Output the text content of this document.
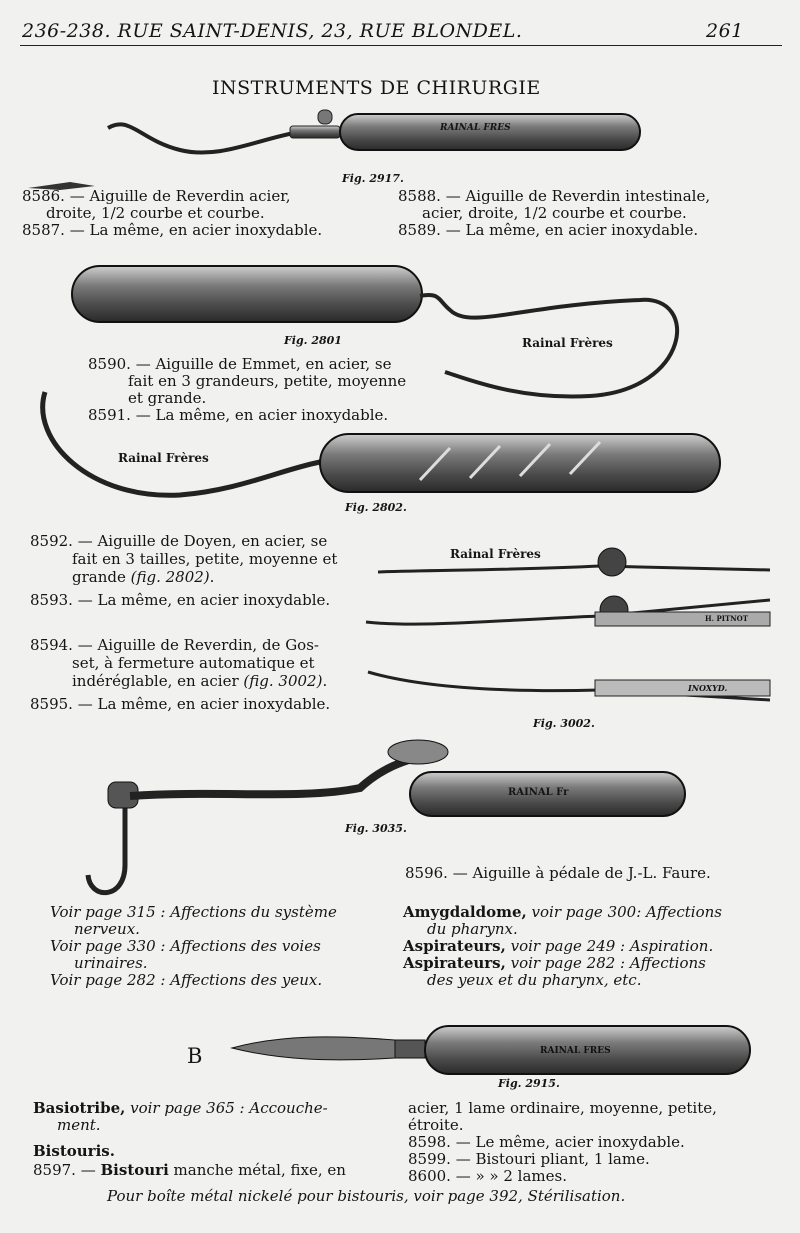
236-238. RUE SAINT-DENIS, 23, RUE BLONDEL.	261
INSTRUMENTS DE CHIRURGIE
Fig. 2917.
RAINAL FRES
Fig. 2801	Rainal Frères
Rainal Frères
Fig. 2802.
Rainal Frères
H. PITNOT
INOXYD.
Fig. 3002.
RAINAL Fr
Fig. 3035.
RAINAL FRES
Fig. 2915.
8586. — Aiguille de Reverdin acier,

droite, 1/2 courbe et courbe.
8587. — La même, en acier inoxydable.
8588. — Aiguille de Reverdin intestinale,

acier, droite, 1/2 courbe et courbe.
8589. — La même, en acier inoxydable.
8590. — Aiguille de Emmet, en acier, se

fait en 3 grandeurs, petite, moyenne
et grande.
8591. — La même, en acier inoxydable.
8592. — Aiguille de Doyen, en acier, se

fait en 3 tailles, petite, moyenne et
grande (fig. 2802).
8593. — La même, en acier inoxydable.
8594. — Aiguille de Reverdin, de Gos-

set, à fermeture automatique et
indéréglable, en acier (fig. 3002).
8595. — La même, en acier inoxydable.
8596. — Aiguille à pédale de J.-L. Faure.
Voir page 315 : Affections du système

nerveux.
Voir page 330 : Affections des voies

urinaires.
Voir page 282 : Affections des yeux.
Amygdaldome, voir page 300: Affections

du pharynx.
Aspirateurs, voir page 249 : Aspiration.
Aspirateurs, voir page 282 : Affections

des yeux et du pharynx, etc.
B
Basiotribe, voir page 365 : Accouche-

ment.
Bistouris.
8597. — Bistouri manche métal, fixe, en
acier, 1 lame ordinaire, moyenne, petite,
étroite.
8598. — Le même, acier inoxydable.
8599. — Bistouri pliant, 1 lame.
8600. — » » 2 lames.
Pour boîte métal nickelé pour bistouris, voir page 392, Stérilisation.
